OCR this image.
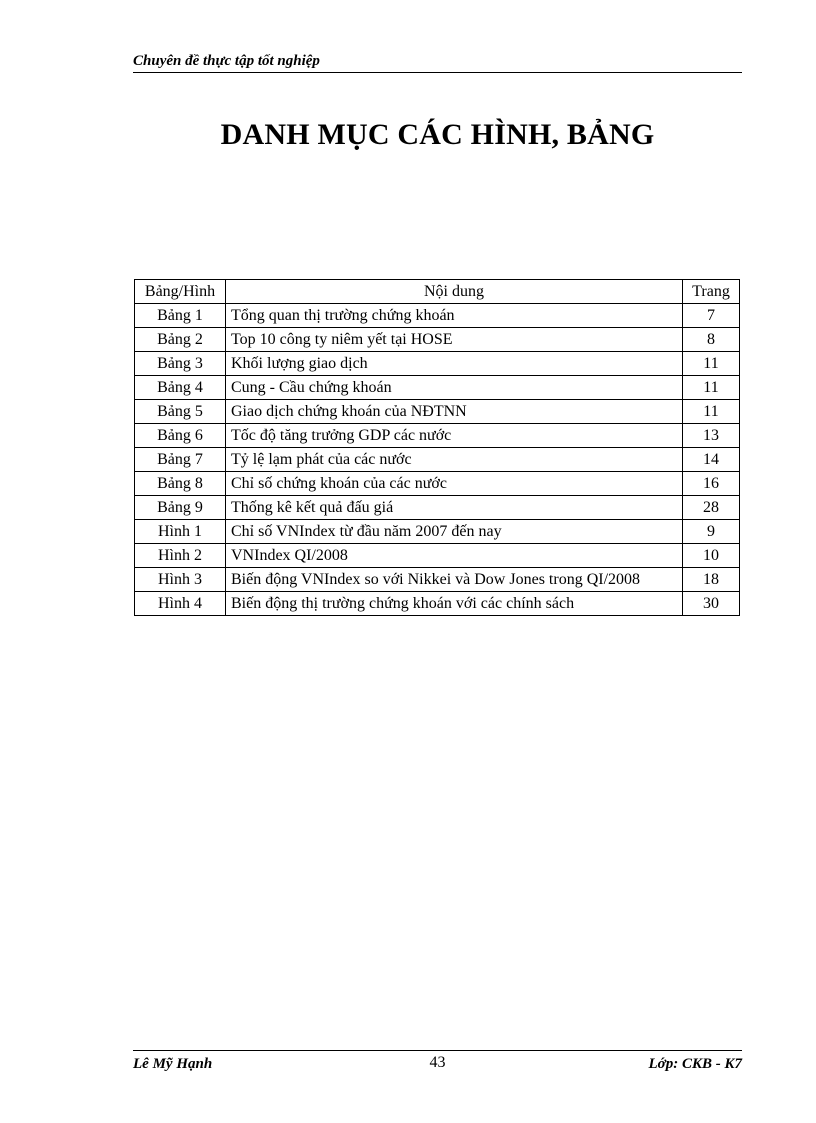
Chuyên đề thực tập tốt nghiệp
DANH MỤC CÁC HÌNH, BẢNG
Bảng/Hình	Nội dung	Trang
Bảng 1	Tổng quan thị trường chứng khoán	7
Bảng 2	Top 10 công ty niêm yết tại HOSE	8
Bảng 3	Khối lượng giao dịch	11
Bảng 4	Cung - Cầu chứng khoán	11
Bảng 5	Giao dịch chứng khoán của NĐTNN	11
Bảng 6	Tốc độ tăng trưởng GDP các nước	13
Bảng 7	Tỷ lệ lạm phát của các nước	14
Bảng 8	Chỉ số chứng khoán của các nước	16
Bảng 9	Thống kê kết quả đấu giá	28
Hình 1	Chỉ số VNIndex từ đầu năm 2007 đến nay	9
Hình 2	VNIndex QI/2008	10
Hình 3	Biến động VNIndex so với Nikkei và Dow Jones trong QI/2008	18
Hình 4	Biến động thị trường chứng khoán với các chính sách	30
Lê Mỹ Hạnh	43	Lớp: CKB - K7
